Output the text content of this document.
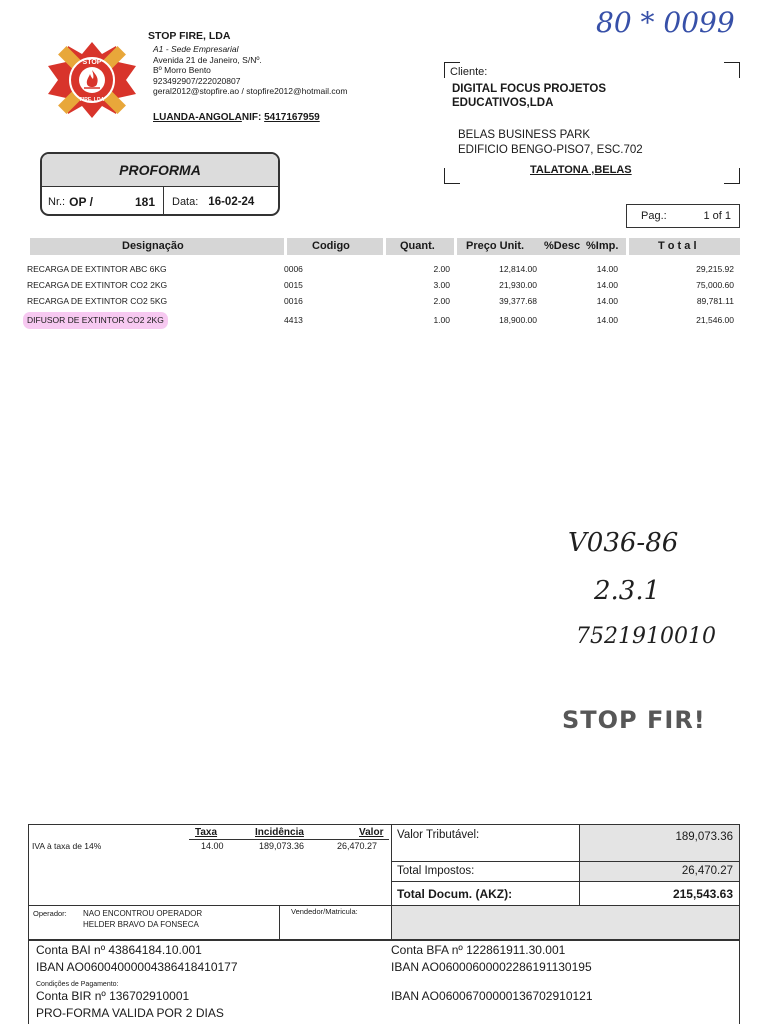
STOP
FIRE, LDA
STOP FIRE, LDA
A1 - Sede Empresarial
Avenida 21 de Janeiro, S/Nº.
Bº Morro Bento
923492907/222020807
geral2012@stopfire.ao / stopfire2012@hotmail.com
LUANDA-ANGOLANIF: 5417167959
80 * 0099
Cliente:
DIGITAL FOCUS PROJETOS
EDUCATIVOS,LDA
BELAS BUSINESS PARK
EDIFICIO BENGO-PISO7, ESC.702
TALATONA ,BELAS
PROFORMA
Nr.: OP /	181 Data: 16-02-24
Pag.:	1 of 1
Designação	Codigo	Quant.	Preço Unit. %Desc %Imp.	T o t a l
RECARGA DE EXTINTOR ABC 6KG	0006	2.00	12,814.00	14.00	29,215.92
RECARGA DE EXTINTOR CO2 2KG	0015	3.00	21,930.00	14.00	75,000.60
RECARGA DE EXTINTOR CO2 5KG	0016	2.00	39,377.68	14.00	89,781.11
DIFUSOR DE EXTINTOR CO2 2KG	4413	1.00	18,900.00	14.00	21,546.00
V036-86
2.3.1
7521910010
STOP FIR!
Taxa	Incidência	Valor
IVA à taxa de 14%	14.00	189,073.36	26,470.27
Valor Tributável:	189,073.36
Total Impostos:	26,470.27
Total Docum. (AKZ):	215,543.63
Operador: NAO ENCONTROU OPERADOR
HELDER BRAVO DA FONSECA
Vendedor/Matricula:
Conta BAI nº 43864184.10.001
IBAN AO06004000004386418410177
Conta BFA nº 122861911.30.001
IBAN AO06000600002286191130195
Condições de Pagamento:
Conta BIR nº 136702910001	IBAN AO06006700000136702910121
PRO-FORMA VALIDA POR 2 DIAS
